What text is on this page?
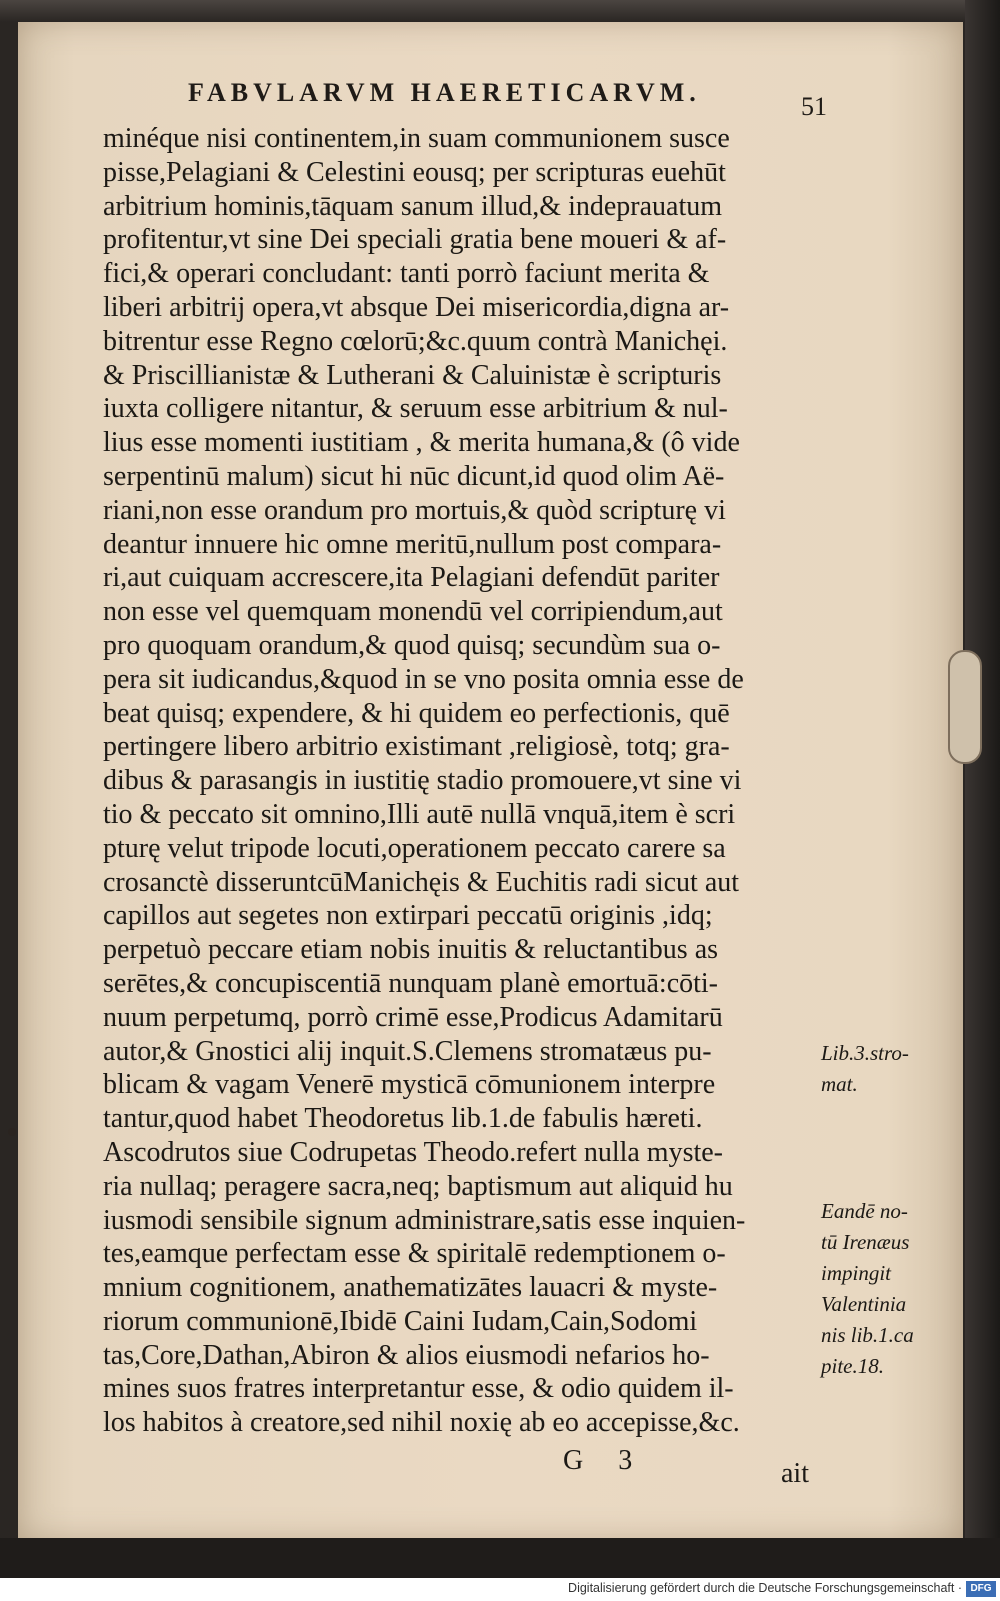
FABVLARVM HAERETICARVM.	51
minéque nisi continentem,in suam communionem susce
pisse,Pelagiani & Celestini eousq; per scripturas euehūt
arbitrium hominis,tāquam sanum illud,& indeprauatum
profitentur,vt sine Dei speciali gratia bene moueri & af-
fici,& operari concludant: tanti porrò faciunt merita &
liberi arbitrij opera,vt absque Dei misericordia,digna ar-
bitrentur esse Regno cœlorū;&c.quum contrà Manichęi.
& Priscillianistæ & Lutherani & Caluinistæ è scripturis
iuxta colligere nitantur, & seruum esse arbitrium & nul-
lius esse momenti iustitiam , & merita humana,& (ô vide
serpentinū malum) sicut hi nūc dicunt,id quod olim Aë-
riani,non esse orandum pro mortuis,& quòd scripturę vi
deantur innuere hic omne meritū,nullum post compara-
ri,aut cuiquam accrescere,ita Pelagiani defendūt pariter
non esse vel quemquam monendū vel corripiendum,aut
pro quoquam orandum,& quod quisq; secundùm sua o-
pera sit iudicandus,&quod in se vno posita omnia esse de
beat quisq; expendere, & hi quidem eo perfectionis, quē
pertingere libero arbitrio existimant ,religiosè, totq; gra-
dibus & parasangis in iustitię stadio promouere,vt sine vi
tio & peccato sit omnino,Illi autē nullā vnquā,item è scri
pturę velut tripode locuti,operationem peccato carere sa
crosanctè disseruntcūManichęis & Euchitis radi sicut aut
capillos aut segetes non extirpari peccatū originis ,idq;
perpetuò peccare etiam nobis inuitis & reluctantibus as
serētes,& concupiscentiā nunquam planè emortuā:cōti-
nuum perpetumq, porrò crimē esse,Prodicus Adamitarū
autor,& Gnostici alij inquit.S.Clemens stromatæus pu-
blicam & vagam Venerē mysticā cōmunionem interpre
tantur,quod habet Theodoretus lib.1.de fabulis hæreti.
Ascodrutos siue Codrupetas Theodo.refert nulla myste-
ria nullaq; peragere sacra,neq; baptismum aut aliquid hu
iusmodi sensibile signum administrare,satis esse inquien-
tes,eamque perfectam esse & spiritalē redemptionem o-
mnium cognitionem, anathematizātes lauacri & myste-
riorum communionē,Ibidē Caini Iudam,Cain,Sodomi
tas,Core,Dathan,Abiron & alios eiusmodi nefarios ho-
mines suos fratres interpretantur esse, & odio quidem il-
los habitos à creatore,sed nihil noxię ab eo accepisse,&c.
Lib.3.stro-
mat.
Eandē no-
tū Irenæus
impingit
Valentinia
nis lib.1.ca
pite.18.
G 3	ait
Digitalisierung gefördert durch die Deutsche Forschungsgemeinschaft · DFG
